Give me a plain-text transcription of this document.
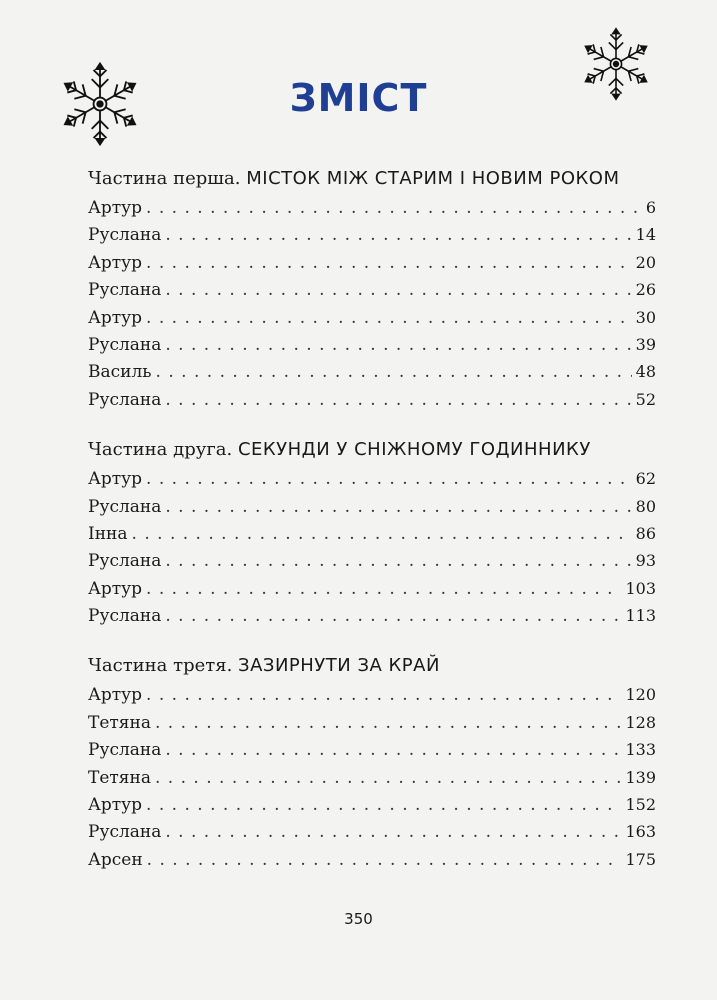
ЗМІСТ
Частина перша. МІСТОК МІЖ СТАРИМ І НОВИМ РОКОМ
Артур . . .	6
Руслана . . .	14
Артур . . .	20
Руслана . . .	26
Артур . . .	30
Руслана . . .	39
Василь . . .	48
Руслана . . .	52
Частина друга. СЕКУНДИ У СНІЖНОМУ ГОДИННИКУ
Артур . . .	62
Руслана . . .	80
Інна . . .	86
Руслана . . .	93
Артур . . .	103
Руслана . . .	113
Частина третя. ЗАЗИРНУТИ ЗА КРАЙ
Артур . . .	120
Тетяна . . .	128
Руслана . . .	133
Тетяна . . .	139
Артур . . .	152
Руслана . . .	163
Арсен . . .	175
350
